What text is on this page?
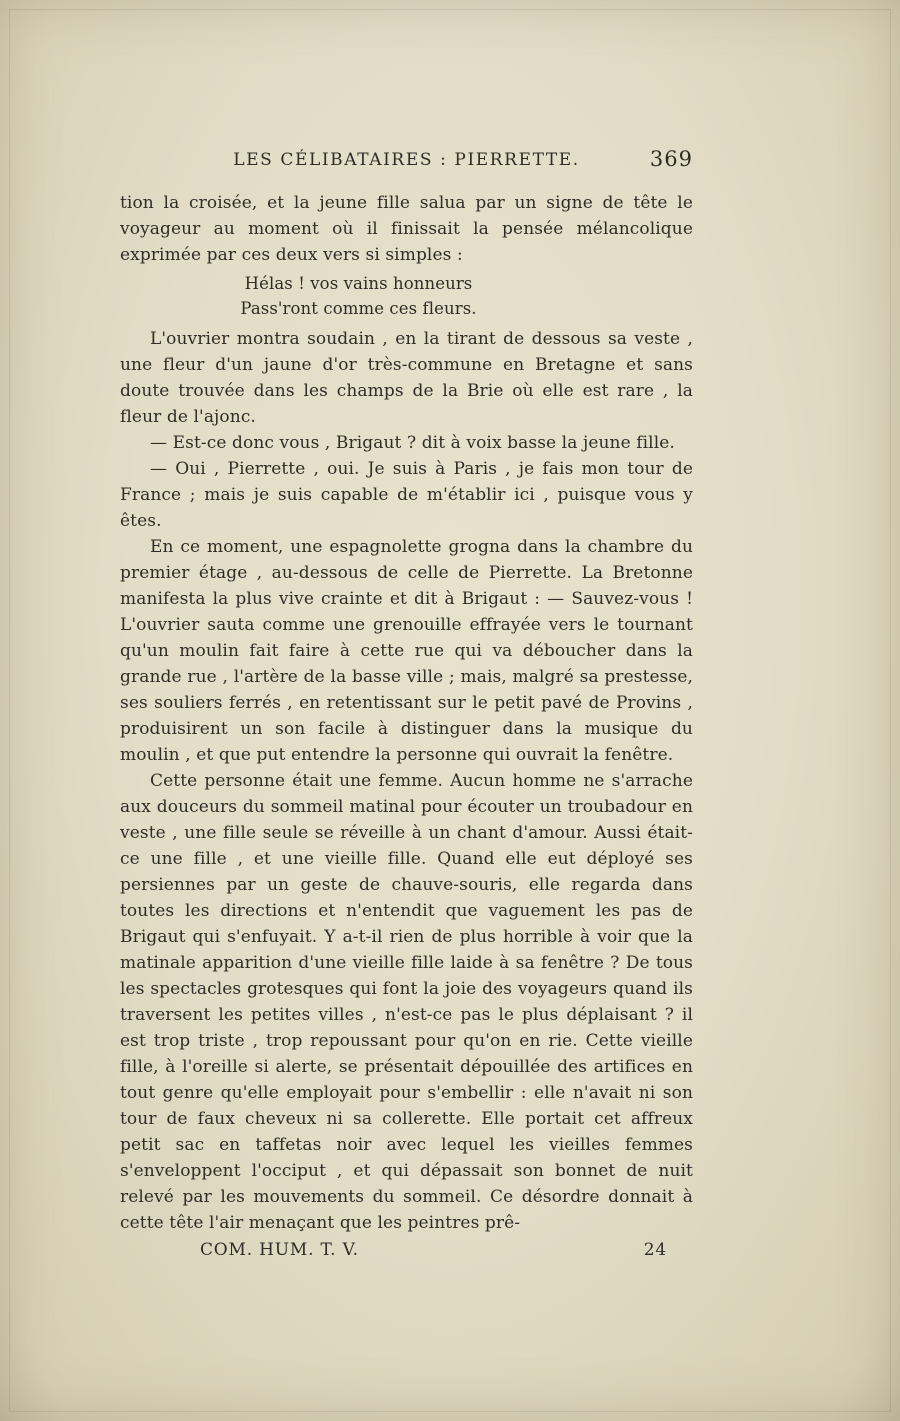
LES CÉLIBATAIRES : PIERRETTE.	369

tion la croisée, et la jeune fille salua par un signe de tête le voyageur au moment où il finissait la pensée mélancolique exprimée par ces deux vers si simples :

Hélas ! vos vains honneurs
Pass'ront comme ces fleurs.

L'ouvrier montra soudain , en la tirant de dessous sa veste , une fleur d'un jaune d'or très-commune en Bretagne et sans doute trouvée dans les champs de la Brie où elle est rare , la fleur de l'ajonc.

— Est-ce donc vous , Brigaut ? dit à voix basse la jeune fille.

— Oui , Pierrette , oui. Je suis à Paris , je fais mon tour de France ; mais je suis capable de m'établir ici , puisque vous y êtes.

En ce moment, une espagnolette grogna dans la chambre du premier étage , au-dessous de celle de Pierrette. La Bretonne manifesta la plus vive crainte et dit à Brigaut : — Sauvez-vous ! L'ouvrier sauta comme une grenouille effrayée vers le tournant qu'un moulin fait faire à cette rue qui va déboucher dans la grande rue , l'artère de la basse ville ; mais, malgré sa prestesse, ses souliers ferrés , en retentissant sur le petit pavé de Provins , produisirent un son facile à distinguer dans la musique du moulin , et que put entendre la personne qui ouvrait la fenêtre.

Cette personne était une femme. Aucun homme ne s'arrache aux douceurs du sommeil matinal pour écouter un troubadour en veste , une fille seule se réveille à un chant d'amour. Aussi était-ce une fille , et une vieille fille. Quand elle eut déployé ses persiennes par un geste de chauve-souris, elle regarda dans toutes les directions et n'entendit que vaguement les pas de Brigaut qui s'enfuyait. Y a-t-il rien de plus horrible à voir que la matinale apparition d'une vieille fille laide à sa fenêtre ? De tous les spectacles grotesques qui font la joie des voyageurs quand ils traversent les petites villes , n'est-ce pas le plus déplaisant ? il est trop triste , trop repoussant pour qu'on en rie. Cette vieille fille, à l'oreille si alerte, se présentait dépouillée des artifices en tout genre qu'elle employait pour s'embellir : elle n'avait ni son tour de faux cheveux ni sa collerette. Elle portait cet affreux petit sac en taffetas noir avec lequel les vieilles femmes s'enveloppent l'occiput , et qui dépassait son bonnet de nuit relevé par les mouvements du sommeil. Ce désordre donnait à cette tête l'air menaçant que les peintres prê-

COM. HUM. T. V.	24
